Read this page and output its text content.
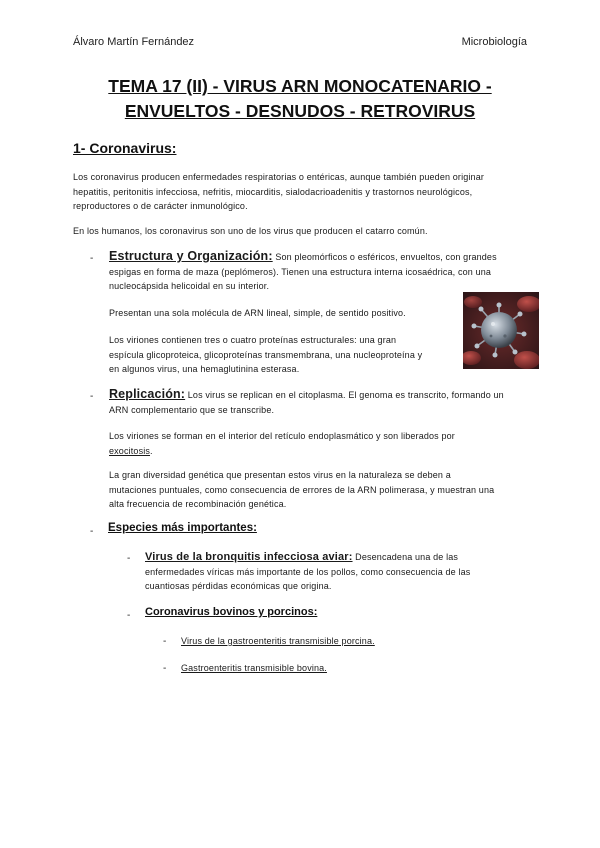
Álvaro Martín Fernández	Microbiología
TEMA 17 (II) - VIRUS ARN MONOCATENARIO -
ENVUELTOS - DESNUDOS - RETROVIRUS
1- Coronavirus:
Los coronavirus producen enfermedades respiratorias o entéricas, aunque también pueden originar
hepatitis, peritonitis infecciosa, nefritis, miocarditis, sialodacrioadenitis y trastornos neurológicos,
reproductores o de carácter inmunológico.
En los humanos, los coronavirus son uno de los virus que producen el catarro común.
- Estructura y Organización: Son pleomórficos o esféricos, envueltos, con grandes
espigas en forma de maza (peplómeros). Tienen una estructura interna icosaédrica, con una
nucleocápsida helicoidal en su interior.
Presentan una sola molécula de ARN lineal, simple, de sentido positivo.
Los viriones contienen tres o cuatro proteínas estructurales: una gran
espícula glicoproteica, glicoproteínas transmembrana, una nucleoproteína y
en algunos virus, una hemaglutinina esterasa.
- Replicación: Los virus se replican en el citoplasma. El genoma es transcrito, formando un
ARN complementario que se transcribe.
Los viriones se forman en el interior del retículo endoplasmático y son liberados por
exocitosis.
La gran diversidad genética que presentan estos virus en la naturaleza se deben a
mutaciones puntuales, como consecuencia de errores de la ARN polimerasa, y muestran una
alta frecuencia de recombinación genética.
- Especies más importantes:
- Virus de la bronquitis infecciosa aviar: Desencadena una de las
enfermedades víricas más importante de los pollos, como consecuencia de las
cuantiosas pérdidas económicas que origina.
- Coronavirus bovinos y porcinos:
- Virus de la gastroenteritis transmisible porcina.
- Gastroenteritis transmisible bovina.
